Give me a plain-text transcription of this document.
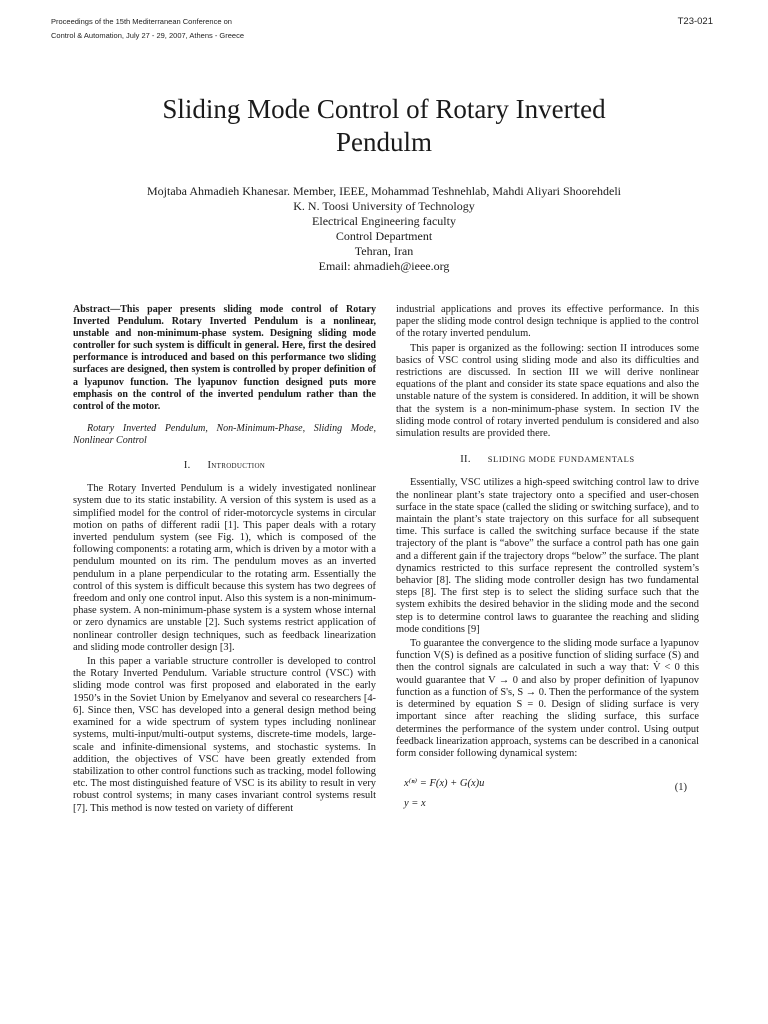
Proceedings of the 15th Mediterranean Conference on
Control & Automation, July 27 - 29, 2007, Athens - Greece
T23-021
Sliding Mode Control of Rotary Inverted
Pendulm
Mojtaba Ahmadieh Khanesar. Member, IEEE, Mohammad Teshnehlab, Mahdi Aliyari Shoorehdeli
K. N. Toosi University of Technology
Electrical Engineering faculty
Control Department
Tehran, Iran
Email: ahmadieh@ieee.org

Abstract—This paper presents sliding mode control of Rotary Inverted Pendulum. Rotary Inverted Pendulum is a nonlinear, unstable and non-minimum-phase system. Designing sliding mode controller for such system is difficult in general. Here, first the desired performance is introduced and based on this performance two sliding surfaces are designed, then system is controlled by proper definition of a lyapunov function. The lyapunov function designed puts more emphasis on the control of the inverted pendulum rather than the control of the motor.

Rotary Inverted Pendulum, Non-Minimum-Phase, Sliding Mode, Nonlinear Control

I. Introduction

The Rotary Inverted Pendulum is a widely investigated nonlinear system due to its static instability. A version of this system is used as a simplified model for the control of rider-motorcycle systems in circular motion on paths of different radii [1]. This paper deals with a rotary inverted pendulum system (see Fig. 1), which is composed of the following components: a rotating arm, which is driven by a motor with a pendulum mounted on its rim. The pendulum moves as an inverted pendulum in a plane perpendicular to the rotating arm. Essentially the control of this system is difficult because this system has two degrees of freedom and only one control input. Also this system is a non-minimum-phase system. A non-minimum-phase system is a system whose internal or zero dynamics are unstable [2]. Such systems restrict application of nonlinear controller design techniques, such as feedback linearization and sliding mode controller design [3].

In this paper a variable structure controller is developed to control the Rotary Inverted Pendulum. Variable structure control (VSC) with sliding mode control was first proposed and elaborated in the early 1950’s in the Soviet Union by Emelyanov and several co researchers [4-6]. Since then, VSC has developed into a general design method being examined for a wide spectrum of system types including nonlinear systems, multi-input/multi-output systems, discrete-time models, large-scale and infinite-dimensional systems, and stochastic systems. In addition, the objectives of VSC have been greatly extended from stabilization to other control functions such as tracking, model following etc. The most distinguished feature of VSC is its ability to result in very robust control systems; in many cases invariant control systems result [7]. This method is now tested on variety of different

industrial applications and proves its effective performance. In this paper the sliding mode control design technique is applied to the control of the rotary inverted pendulum.

This paper is organized as the following: section II introduces some basics of VSC control using sliding mode and also its difficulties and restrictions are discussed. In section III we will derive nonlinear equations of the plant and consider its state space equations and also the unstable nature of the system is considered. In addition, it will be shown that the system is a non-minimum-phase system. In section IV the sliding mode control of rotary inverted pendulum is considered and also simulation results are provided there.

II. SLIDING MODE FUNDAMENTALS

Essentially, VSC utilizes a high-speed switching control law to drive the nonlinear plant’s state trajectory onto a specified and user-chosen surface in the state space (called the sliding or switching surface), and to maintain the plant’s state trajectory on this surface for all subsequent time. This surface is called the switching surface because if the state trajectory of the plant is “above” the surface a control path has one gain and a different gain if the trajectory drops “below” the surface. The plant dynamics restricted to this surface represent the controlled system’s behavior [8]. The sliding mode controller design has two fundamental steps [8]. The first step is to select the sliding surface such that the system exhibits the desired behavior in the sliding mode and the second step is to determine control laws to guarantee the reaching and sliding mode conditions [9]

To guarantee the convergence to the sliding mode surface a lyapunov function V(S) is defined as a positive function of sliding surface (S) and then the control signals are calculated in such a way that: V̇ < 0 this would guarantee that V → 0 and also by proper definition of lyapunov function as a function of S's, S → 0. Then the performance of the system is determined by equation S = 0. Design of sliding surface is very important since after reaching the sliding surface, this surface determines the performance of the system under control. Using output feedback linearization approach, systems can be described in a canonical form consider following dynamical system:

x⁽ⁿ⁾ = F(x) + G(x)u
y = x
(1)
